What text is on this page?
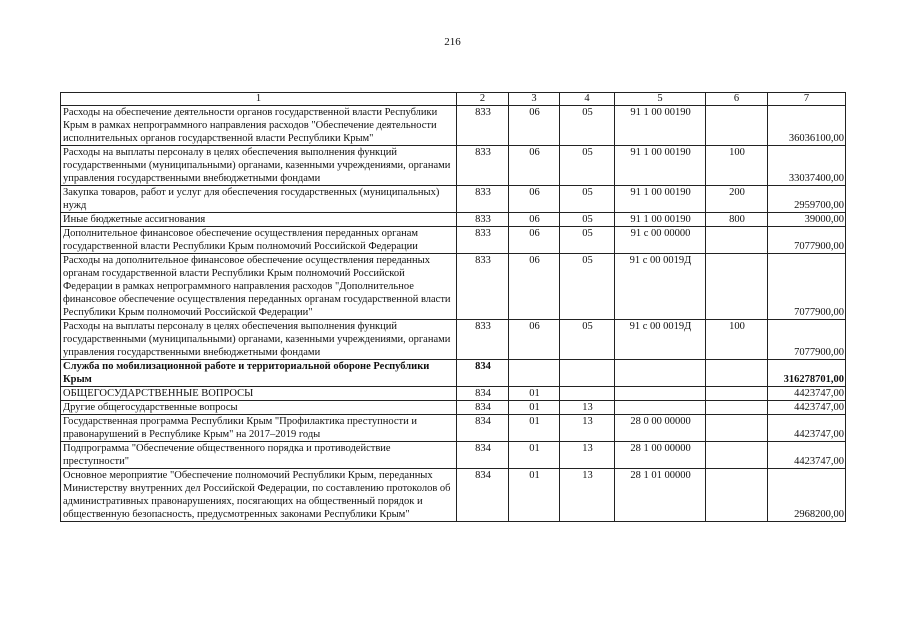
216
1	2	3	4	5	6	7
Расходы на обеспечение деятельности органов государственной власти Республики Крым в рамках непрограммного направления расходов "Обеспечение деятельности исполнительных органов государственной власти Республики Крым"	833	06	05	91 1 00 00190		36036100,00
Расходы на выплаты персоналу в целях обеспечения выполнения функций государственными (муниципальными) органами, казенными учреждениями, органами управления государственными внебюджетными фондами	833	06	05	91 1 00 00190	100	33037400,00
Закупка товаров, работ и услуг для обеспечения государственных (муниципальных) нужд	833	06	05	91 1 00 00190	200	2959700,00
Иные бюджетные ассигнования	833	06	05	91 1 00 00190	800	39000,00
Дополнительное финансовое обеспечение осуществления переданных органам государственной власти Республики Крым полномочий Российской Федерации	833	06	05	91 с 00 00000		7077900,00
Расходы на дополнительное финансовое обеспечение осуществления переданных органам государственной власти Республики Крым полномочий Российской Федерации в рамках непрограммного направления расходов "Дополнительное финансовое обеспечение осуществления переданных органам государственной власти Республики Крым полномочий Российской Федерации"	833	06	05	91 с 00 0019Д		7077900,00
Расходы на выплаты персоналу в целях обеспечения выполнения функций государственными (муниципальными) органами, казенными учреждениями, органами управления государственными внебюджетными фондами	833	06	05	91 с 00 0019Д	100	7077900,00
Служба по мобилизационной работе и территориальной обороне Республики Крым	834					316278701,00
ОБЩЕГОСУДАРСТВЕННЫЕ ВОПРОСЫ	834	01				4423747,00
Другие общегосударственные вопросы	834	01	13			4423747,00
Государственная программа Республики Крым "Профилактика преступности и правонарушений в Республике Крым" на 2017–2019 годы	834	01	13	28 0 00 00000		4423747,00
Подпрограмма "Обеспечение общественного порядка и противодействие преступности"	834	01	13	28 1 00 00000		4423747,00
Основное мероприятие "Обеспечение полномочий Республики Крым, переданных Министерству внутренних дел Российской Федерации, по составлению протоколов об административных правонарушениях, посягающих на общественный порядок и общественную безопасность, предусмотренных законами Республики Крым"	834	01	13	28 1 01 00000		2968200,00
